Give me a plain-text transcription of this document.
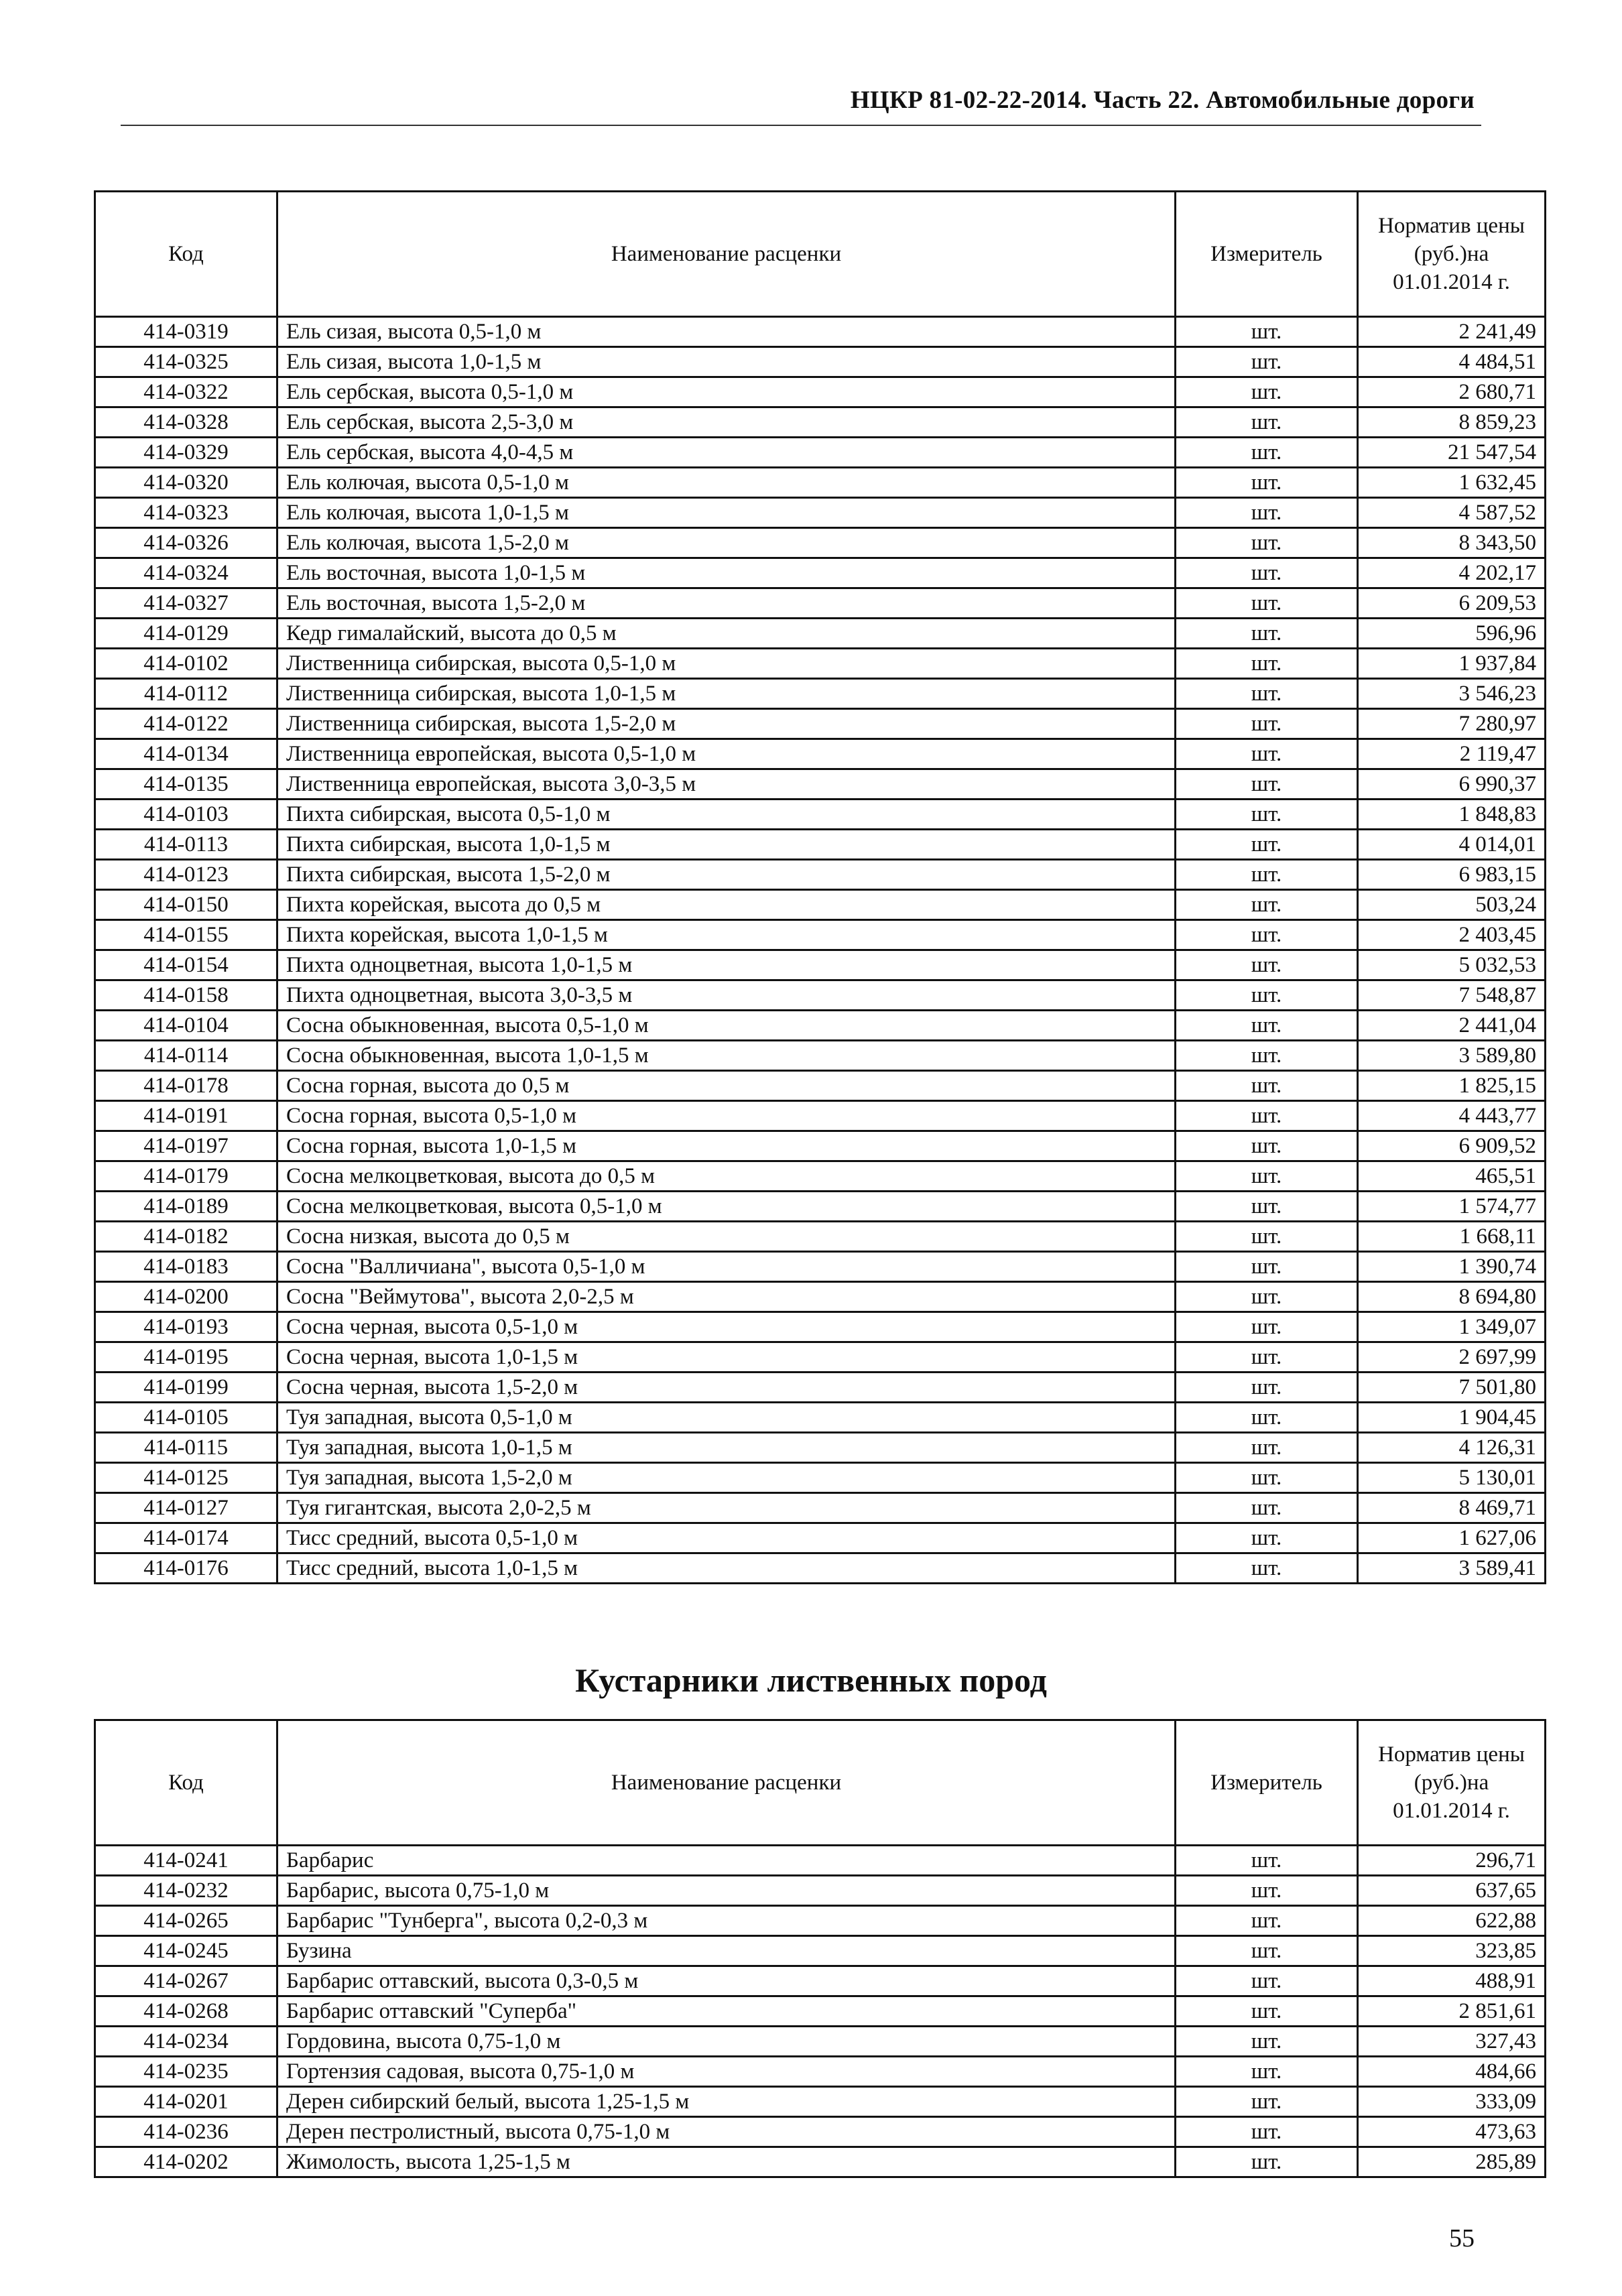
НЦКР 81-02-22-2014. Часть 22. Автомобильные дороги
Код	Наименование расценки	Измеритель	Норматив цены (руб.)на 01.01.2014 г.
414-0319	Ель сизая, высота 0,5-1,0 м	шт.	2 241,49
414-0325	Ель сизая, высота 1,0-1,5 м	шт.	4 484,51
414-0322	Ель сербская, высота 0,5-1,0 м	шт.	2 680,71
414-0328	Ель сербская, высота 2,5-3,0 м	шт.	8 859,23
414-0329	Ель сербская, высота 4,0-4,5 м	шт.	21 547,54
414-0320	Ель колючая, высота 0,5-1,0 м	шт.	1 632,45
414-0323	Ель колючая, высота 1,0-1,5 м	шт.	4 587,52
414-0326	Ель колючая, высота 1,5-2,0 м	шт.	8 343,50
414-0324	Ель восточная, высота 1,0-1,5 м	шт.	4 202,17
414-0327	Ель восточная, высота 1,5-2,0 м	шт.	6 209,53
414-0129	Кедр гималайский, высота до 0,5 м	шт.	596,96
414-0102	Лиственница сибирская, высота 0,5-1,0 м	шт.	1 937,84
414-0112	Лиственница сибирская, высота 1,0-1,5 м	шт.	3 546,23
414-0122	Лиственница сибирская, высота 1,5-2,0 м	шт.	7 280,97
414-0134	Лиственница европейская, высота 0,5-1,0 м	шт.	2 119,47
414-0135	Лиственница европейская, высота 3,0-3,5 м	шт.	6 990,37
414-0103	Пихта сибирская, высота 0,5-1,0 м	шт.	1 848,83
414-0113	Пихта сибирская, высота 1,0-1,5 м	шт.	4 014,01
414-0123	Пихта сибирская, высота 1,5-2,0 м	шт.	6 983,15
414-0150	Пихта корейская, высота до 0,5 м	шт.	503,24
414-0155	Пихта корейская, высота 1,0-1,5 м	шт.	2 403,45
414-0154	Пихта одноцветная, высота 1,0-1,5 м	шт.	5 032,53
414-0158	Пихта одноцветная, высота 3,0-3,5 м	шт.	7 548,87
414-0104	Сосна обыкновенная, высота 0,5-1,0 м	шт.	2 441,04
414-0114	Сосна обыкновенная, высота 1,0-1,5 м	шт.	3 589,80
414-0178	Сосна горная, высота до 0,5 м	шт.	1 825,15
414-0191	Сосна горная, высота 0,5-1,0 м	шт.	4 443,77
414-0197	Сосна горная, высота 1,0-1,5 м	шт.	6 909,52
414-0179	Сосна мелкоцветковая, высота до 0,5 м	шт.	465,51
414-0189	Сосна мелкоцветковая, высота 0,5-1,0 м	шт.	1 574,77
414-0182	Сосна низкая, высота до 0,5 м	шт.	1 668,11
414-0183	Сосна "Валличиана", высота 0,5-1,0 м	шт.	1 390,74
414-0200	Сосна "Веймутова", высота 2,0-2,5 м	шт.	8 694,80
414-0193	Сосна черная, высота 0,5-1,0 м	шт.	1 349,07
414-0195	Сосна черная, высота 1,0-1,5 м	шт.	2 697,99
414-0199	Сосна черная, высота 1,5-2,0 м	шт.	7 501,80
414-0105	Туя западная, высота 0,5-1,0 м	шт.	1 904,45
414-0115	Туя западная, высота 1,0-1,5 м	шт.	4 126,31
414-0125	Туя западная, высота 1,5-2,0 м	шт.	5 130,01
414-0127	Туя гигантская, высота 2,0-2,5 м	шт.	8 469,71
414-0174	Тисс средний, высота 0,5-1,0 м	шт.	1 627,06
414-0176	Тисс средний, высота 1,0-1,5 м	шт.	3 589,41
Кустарники лиственных пород
Код	Наименование расценки	Измеритель	Норматив цены (руб.)на 01.01.2014 г.
414-0241	Барбарис	шт.	296,71
414-0232	Барбарис, высота 0,75-1,0 м	шт.	637,65
414-0265	Барбарис "Тунберга", высота 0,2-0,3 м	шт.	622,88
414-0245	Бузина	шт.	323,85
414-0267	Барбарис оттавский, высота 0,3-0,5 м	шт.	488,91
414-0268	Барбарис оттавский "Суперба"	шт.	2 851,61
414-0234	Гордовина, высота 0,75-1,0 м	шт.	327,43
414-0235	Гортензия садовая, высота 0,75-1,0 м	шт.	484,66
414-0201	Дерен сибирский белый, высота 1,25-1,5 м	шт.	333,09
414-0236	Дерен пестролистный, высота 0,75-1,0 м	шт.	473,63
414-0202	Жимолость, высота 1,25-1,5 м	шт.	285,89
55
